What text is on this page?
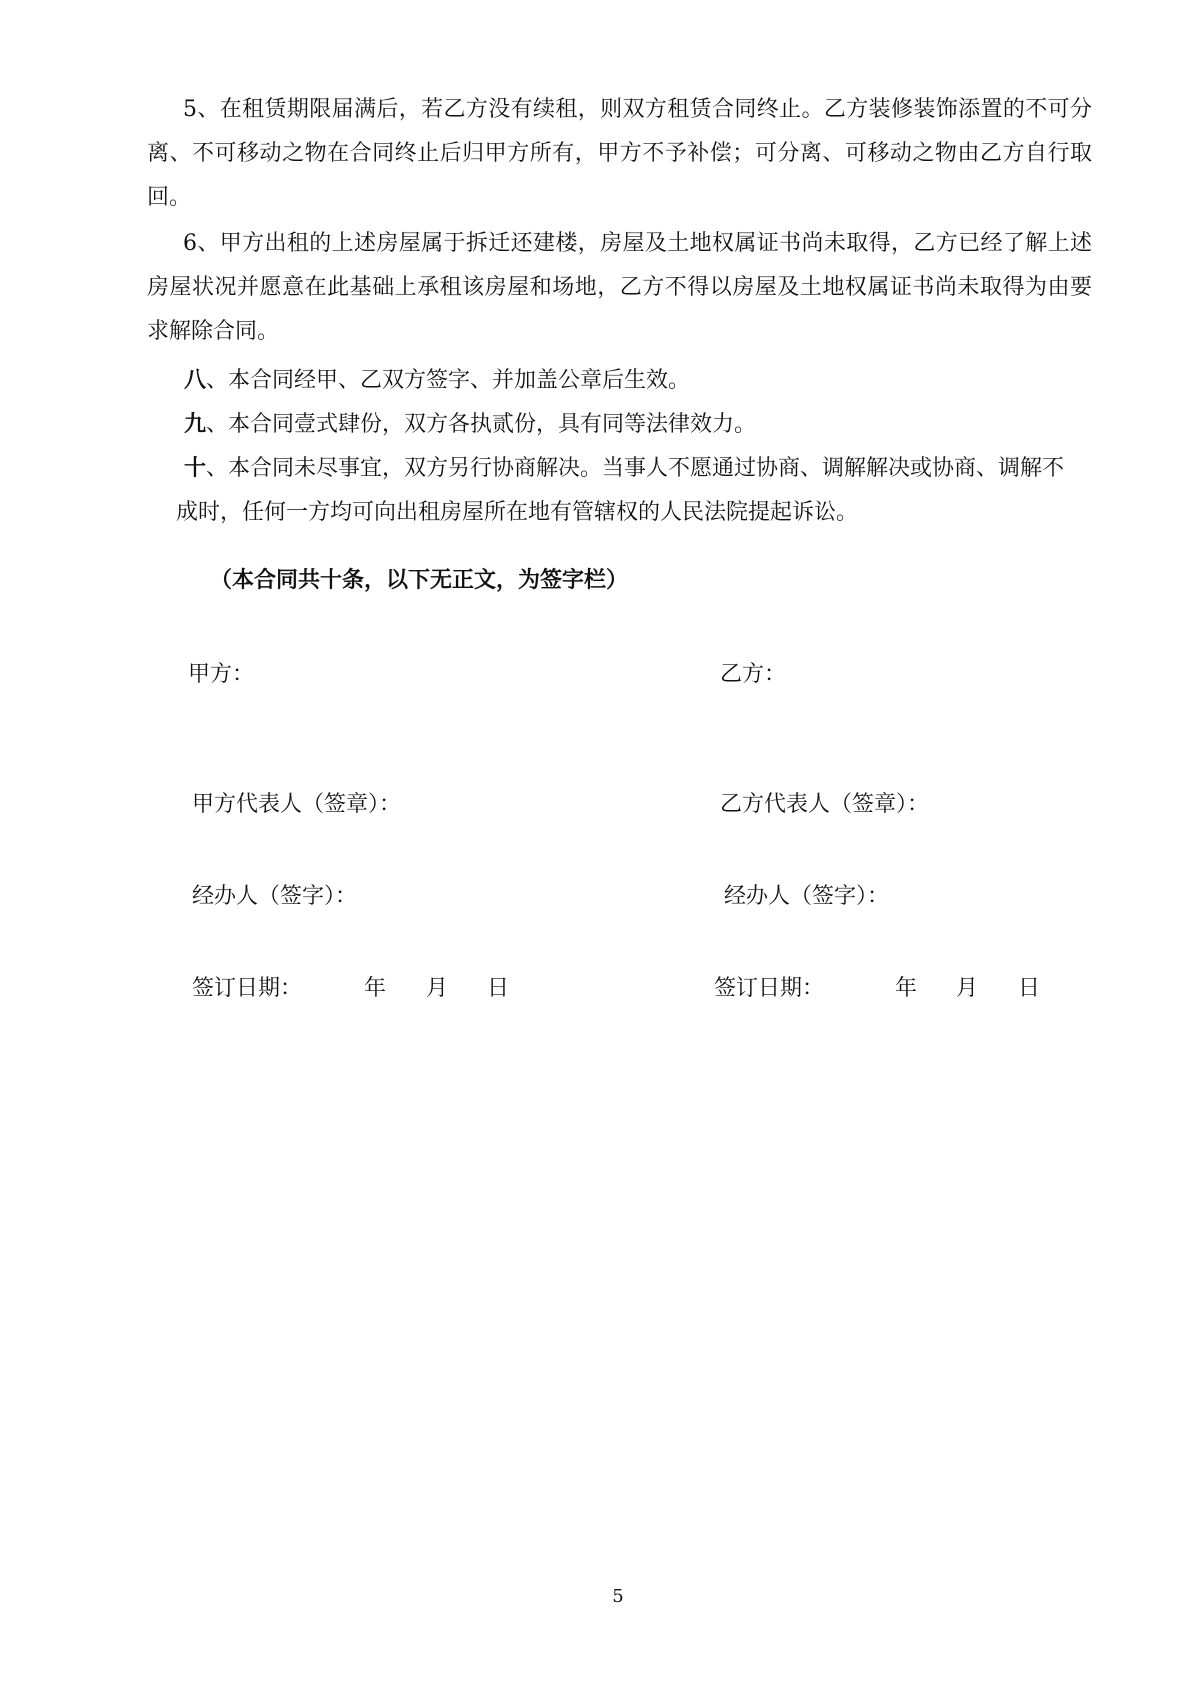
5、在租赁期限届满后，若乙方没有续租，则双方租赁合同终止。乙方装修装饰添置的不可分离、不可移动之物在合同终止后归甲方所有，甲方不予补偿；可分离、可移动之物由乙方自行取回。

6、甲方出租的上述房屋属于拆迁还建楼，房屋及土地权属证书尚未取得，乙方已经了解上述房屋状况并愿意在此基础上承租该房屋和场地，乙方不得以房屋及土地权属证书尚未取得为由要求解除合同。

八、本合同经甲、乙双方签字、并加盖公章后生效。

九、本合同壹式肆份，双方各执贰份，具有同等法律效力。

十、本合同未尽事宜，双方另行协商解决。当事人不愿通过协商、调解解决或协商、调解不成时，任何一方均可向出租房屋所在地有管辖权的人民法院提起诉讼。

（本合同共十条，以下无正文，为签字栏）

甲方：	乙方：
甲方代表人（签章）：	乙方代表人（签章）：
经办人（签字）：	经办人（签字）：
签订日期：	年 月 日	签订日期：	年 月 日
5
